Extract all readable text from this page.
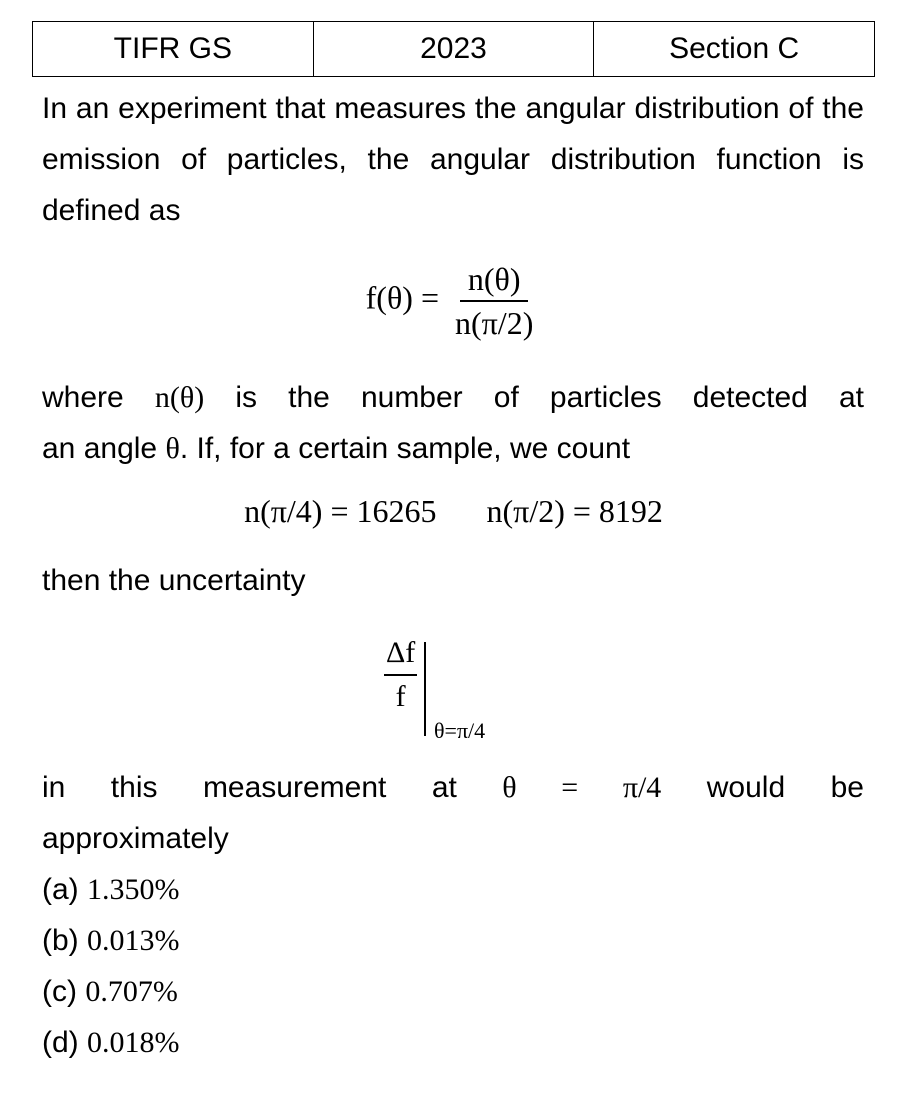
TIFR GS	2023	Section C

In an experiment that measures the angular distribution of the emission of particles, the angular distribution function is defined as

$f(\theta) = \frac{n(\theta)}{n(\pi/2)}$
where n(θ) is the number of particles detected at
an angle θ. If, for a certain sample, we count
n(π/4) = 16265 n(π/2) = 8192
then the uncertainty
$\frac{\Delta f}{f}$
θ=π/4
in this measurement at θ = π/4 would be
approximately
(a) 1.350%
(b) 0.013%
(c) 0.707%
(d) 0.018%
